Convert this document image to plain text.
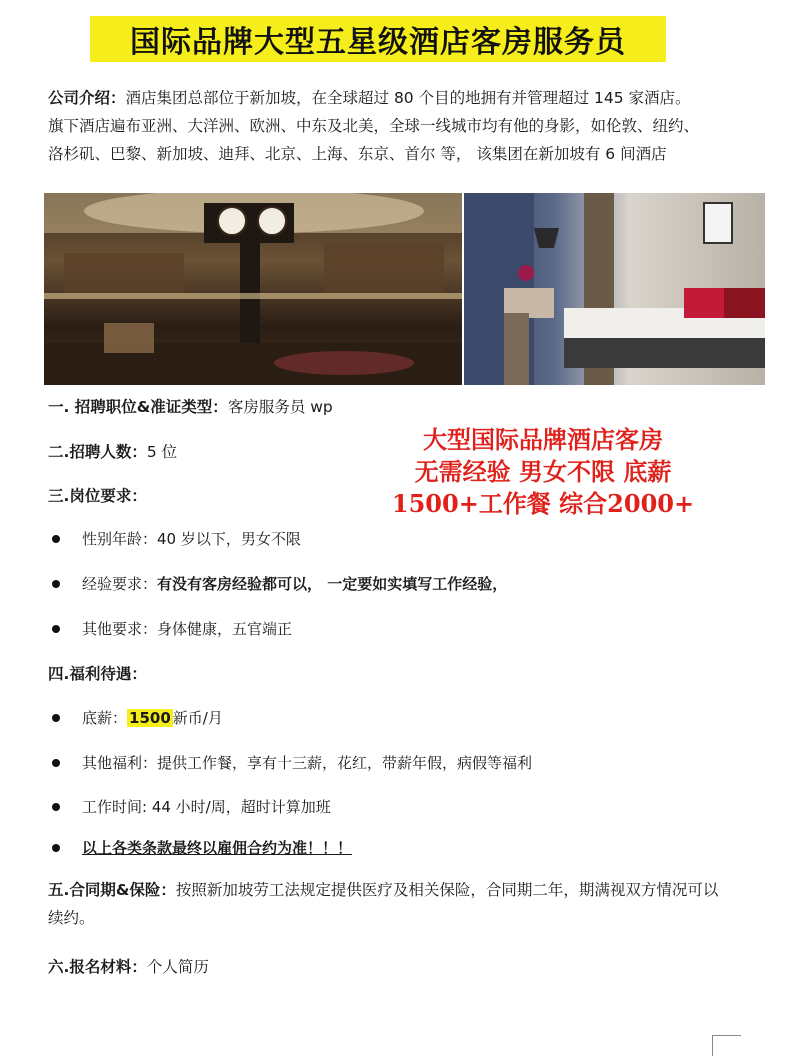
国际品牌大型五星级酒店客房服务员
公司介绍：酒店集团总部位于新加坡，在全球超过 80 个目的地拥有并管理超过 145 家酒店。 旗下酒店遍布亚洲、大洋洲、欧洲、中东及北美，全球一线城市均有他的身影，如伦敦、纽约、洛杉矶、巴黎、新加坡、迪拜、北京、上海、东京、首尔 等， 该集团在新加坡有 6 间酒店
一. 招聘职位&准证类型：客房服务员 wp
二.招聘人数：5 位
三.岗位要求：
大型国际品牌酒店客房
无需经验 男女不限 底薪
1500+工作餐 综合2000+
性别年龄：40 岁以下，男女不限
经验要求： 有没有客房经验都可以， 一定要如实填写工作经验，
其他要求：身体健康，五官端正
四.福利待遇：
底薪： 1500 新币/月
其他福利：提供工作餐，享有十三薪，花红，带薪年假，病假等福利
工作时间: 44 小时/周，超时计算加班
以上各类条款最终以雇佣合约为准！！！
五.合同期&保险：按照新加坡劳工法规定提供医疗及相关保险，合同期二年，期满视双方情况可以续约。
六.报名材料：个人简历
